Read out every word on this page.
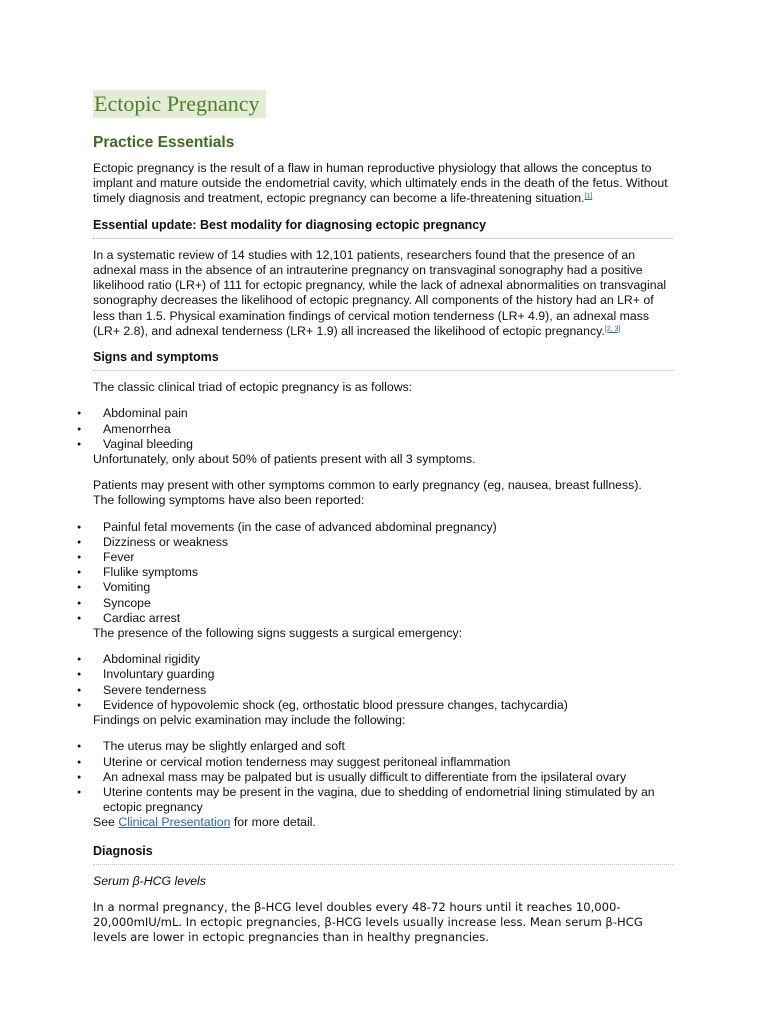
Ectopic Pregnancy
Practice Essentials

Ectopic pregnancy is the result of a flaw in human reproductive physiology that allows the conceptus to implant and mature outside the endometrial cavity, which ultimately ends in the death of the fetus. Without timely diagnosis and treatment, ectopic pregnancy can become a life-threatening situation.[1]

Essential update: Best modality for diagnosing ectopic pregnancy

In a systematic review of 14 studies with 12,101 patients, researchers found that the presence of an adnexal mass in the absence of an intrauterine pregnancy on transvaginal sonography had a positive likelihood ratio (LR+) of 111 for ectopic pregnancy, while the lack of adnexal abnormalities on transvaginal sonography decreases the likelihood of ectopic pregnancy. All components of the history had an LR+ of less than 1.5. Physical examination findings of cervical motion tenderness (LR+ 4.9), an adnexal mass (LR+ 2.8), and adnexal tenderness (LR+ 1.9) all increased the likelihood of ectopic pregnancy.[2, 3]

Signs and symptoms

The classic clinical triad of ectopic pregnancy is as follows:

● Abdominal pain
● Amenorrhea
● Vaginal bleeding

Unfortunately, only about 50% of patients present with all 3 symptoms.

Patients may present with other symptoms common to early pregnancy (eg, nausea, breast fullness).
The following symptoms have also been reported:

● Painful fetal movements (in the case of advanced abdominal pregnancy)
● Dizziness or weakness
● Fever
● Flulike symptoms
● Vomiting
● Syncope
● Cardiac arrest

The presence of the following signs suggests a surgical emergency:

● Abdominal rigidity
● Involuntary guarding
● Severe tenderness
● Evidence of hypovolemic shock (eg, orthostatic blood pressure changes, tachycardia)

Findings on pelvic examination may include the following:

● The uterus may be slightly enlarged and soft
● Uterine or cervical motion tenderness may suggest peritoneal inflammation
● An adnexal mass may be palpated but is usually difficult to differentiate from the ipsilateral ovary
● Uterine contents may be present in the vagina, due to shedding of endometrial lining stimulated by an ectopic pregnancy

See Clinical Presentation for more detail.

Diagnosis

Serum β-HCG levels

In a normal pregnancy, the β-HCG level doubles every 48-72 hours until it reaches 10,000-20,000mIU/mL. In ectopic pregnancies, β-HCG levels usually increase less. Mean serum β-HCG levels are lower in ectopic pregnancies than in healthy pregnancies.
